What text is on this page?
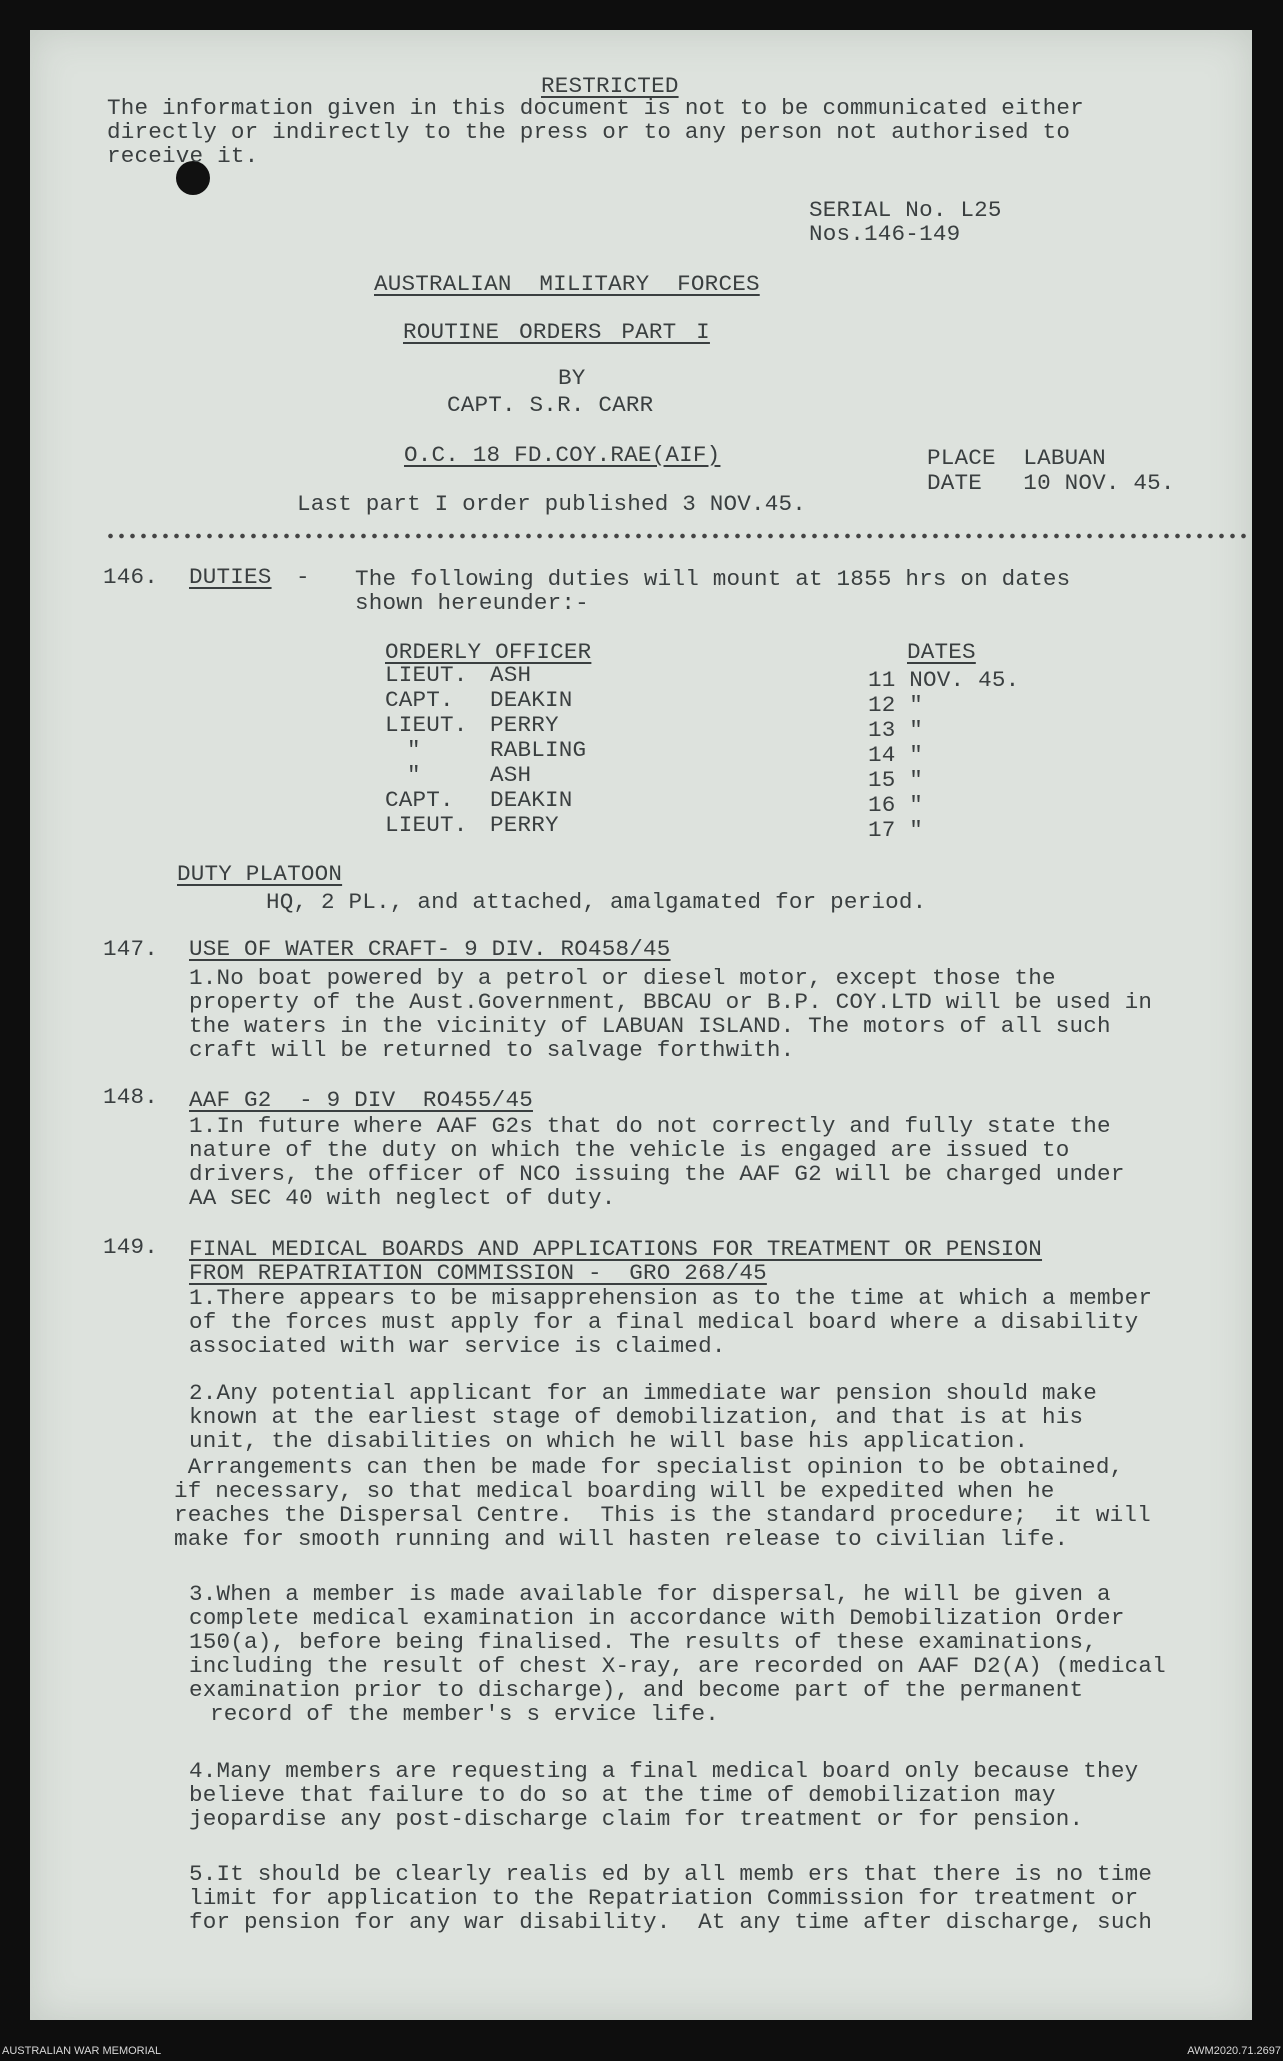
RESTRICTED
The information given in this document is not to be communicated either
directly or indirectly to the press or to any person not authorised to
receive it.
SERIAL No. L25
Nos.146-149
AUSTRALIAN MILITARY FORCES
ROUTINE ORDERS PART I
BY
CAPT. S.R. CARR
O.C. 18 FD.COY.RAE(AIF)	PLACE  LABUAN
DATE   10 NOV. 45.
Last part I order published 3 NOV.45.
146. DUTIES - The following duties will mount at 1855 hrs on dates
shown hereunder:-
ORDERLY OFFICER	DATES
LIEUT. ASH	11 NOV. 45.
CAPT. DEAKIN	12 "
LIEUT. PERRY	13 "
"	RABLING	14 "
"	ASH	15 "
CAPT. DEAKIN	16 "
LIEUT. PERRY	17 "
DUTY PLATOON
HQ, 2 PL., and attached, amalgamated for period.
147. USE OF WATER CRAFT- 9 DIV. RO458/45
1.No boat powered by a petrol or diesel motor, except those the
property of the Aust.Government, BBCAU or B.P. COY.LTD will be used in
the waters in the vicinity of LABUAN ISLAND. The motors of all such
craft will be returned to salvage forthwith.
148. AAF G2  - 9 DIV  RO455/45
1.In future where AAF G2s that do not correctly and fully state the
nature of the duty on which the vehicle is engaged are issued to
drivers, the officer of NCO issuing the AAF G2 will be charged under
AA SEC 40 with neglect of duty.
149. FINAL MEDICAL BOARDS AND APPLICATIONS FOR TREATMENT OR PENSION
FROM REPATRIATION COMMISSION -  GRO 268/45
1.There appears to be misapprehension as to the time at which a member
of the forces must apply for a final medical board where a disability
associated with war service is claimed.
2.Any potential applicant for an immediate war pension should make
known at the earliest stage of demobilization, and that is at his
unit, the disabilities on which he will base his application.
Arrangements can then be made for specialist opinion to be obtained,
if necessary, so that medical boarding will be expedited when he
reaches the Dispersal Centre.  This is the standard procedure;  it will
make for smooth running and will hasten release to civilian life.
3.When a member is made available for dispersal, he will be given a
complete medical examination in accordance with Demobilization Order
150(a), before being finalised. The results of these examinations,
including the result of chest X-ray, are recorded on AAF D2(A) (medical
examination prior to discharge), and become part of the permanent
record of the member's s ervice life.
4.Many members are requesting a final medical board only because they
believe that failure to do so at the time of demobilization may
jeopardise any post-discharge claim for treatment or for pension.
5.It should be clearly realis ed by all memb ers that there is no time
limit for application to the Repatriation Commission for treatment or
for pension for any war disability.  At any time after discharge, such
AUSTRALIAN WAR MEMORIAL	AWM2020.71.2697
